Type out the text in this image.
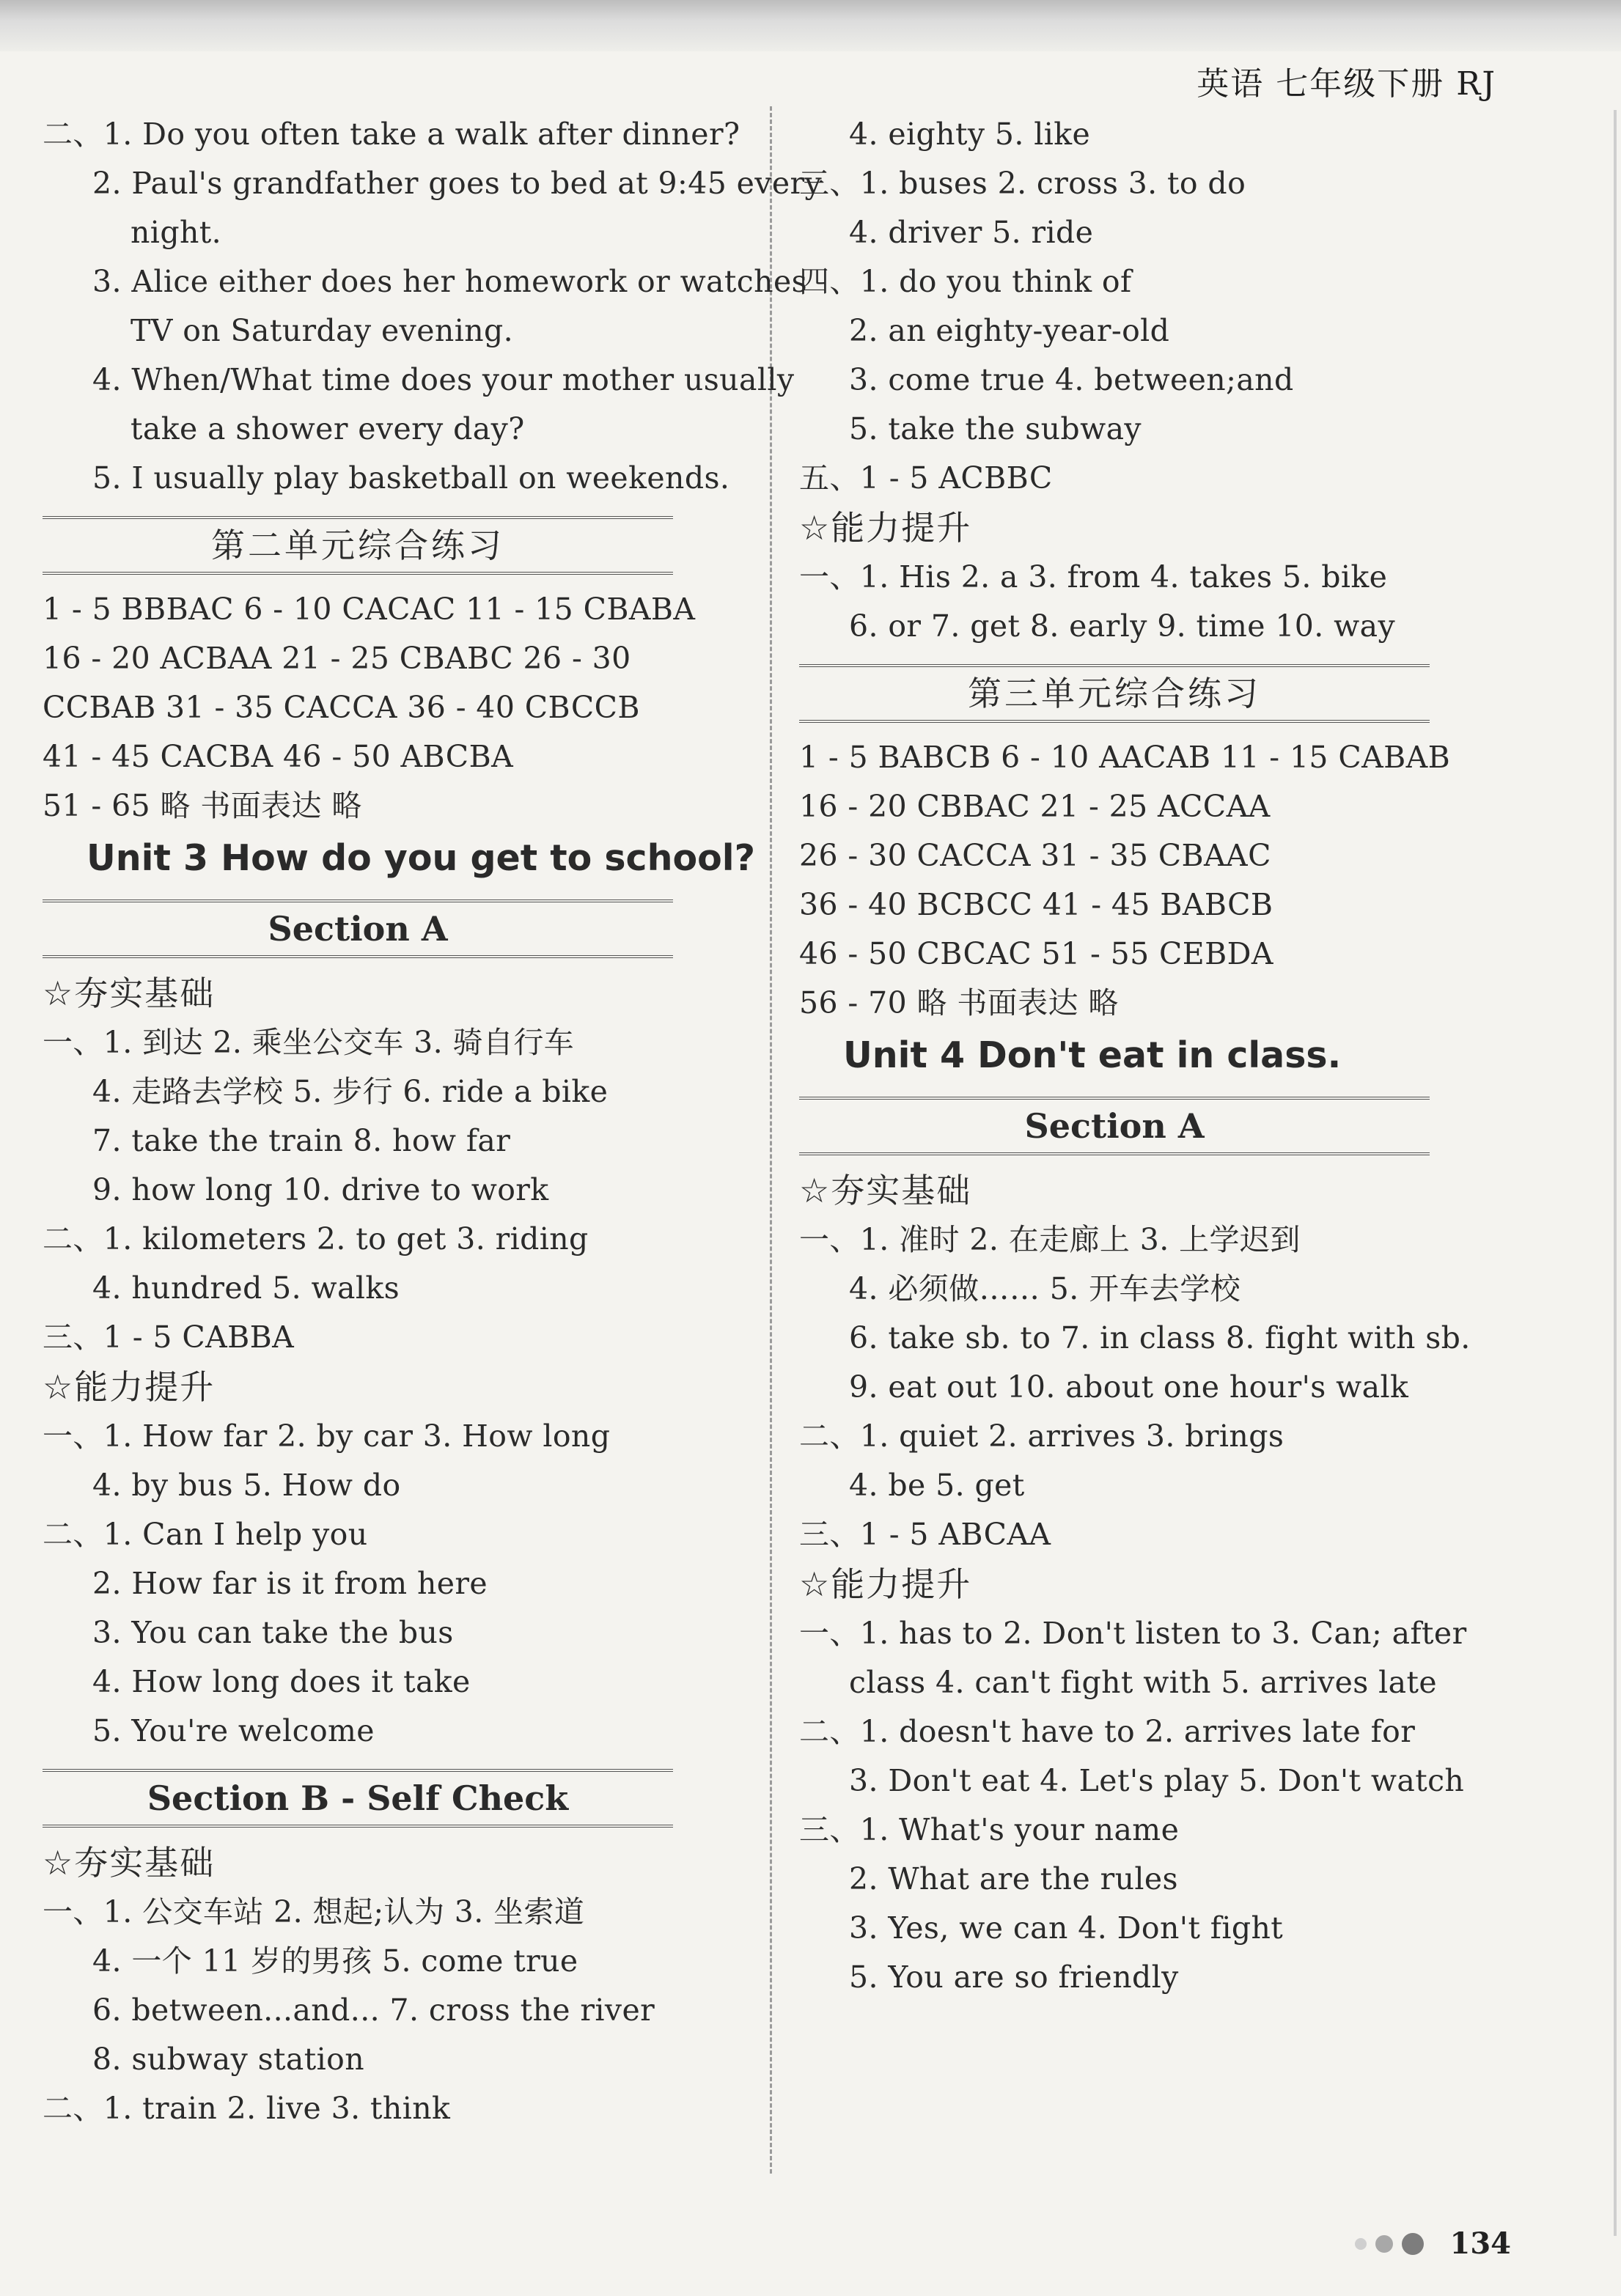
英语 七年级下册 RJ
二、1. Do you often take a walk after dinner?
2. Paul's grandfather goes to bed at 9:45 every
night.
3. Alice either does her homework or watches
TV on Saturday evening.
4. When/What time does your mother usually
take a shower every day?
5. I usually play basketball on weekends.
第二单元综合练习
1 - 5 BBBAC 6 - 10 CACAC 11 - 15 CBABA
16 - 20 ACBAA 21 - 25 CBABC 26 - 30
CCBAB 31 - 35 CACCA 36 - 40 CBCCB
41 - 45 CACBA 46 - 50 ABCBA
51 - 65 略 书面表达 略
Unit 3 How do you get to school?
Section A
☆夯实基础
一、1. 到达 2. 乘坐公交车 3. 骑自行车
4. 走路去学校 5. 步行 6. ride a bike
7. take the train 8. how far
9. how long 10. drive to work
二、1. kilometers 2. to get 3. riding
4. hundred 5. walks
三、1 - 5 CABBA
☆能力提升
一、1. How far 2. by car 3. How long
4. by bus 5. How do
二、1. Can I help you
2. How far is it from here
3. You can take the bus
4. How long does it take
5. You're welcome
Section B - Self Check
☆夯实基础
一、1. 公交车站 2. 想起;认为 3. 坐索道
4. 一个 11 岁的男孩 5. come true
6. between...and... 7. cross the river
8. subway station
二、1. train 2. live 3. think
4. eighty 5. like
三、1. buses 2. cross 3. to do
4. driver 5. ride
四、1. do you think of
2. an eighty-year-old
3. come true 4. between;and
5. take the subway
五、1 - 5 ACBBC
☆能力提升
一、1. His 2. a 3. from 4. takes 5. bike
6. or 7. get 8. early 9. time 10. way
第三单元综合练习
1 - 5 BABCB 6 - 10 AACAB 11 - 15 CABAB
16 - 20 CBBAC 21 - 25 ACCAA
26 - 30 CACCA 31 - 35 CBAAC
36 - 40 BCBCC 41 - 45 BABCB
46 - 50 CBCAC 51 - 55 CEBDA
56 - 70 略 书面表达 略
Unit 4 Don't eat in class.
Section A
☆夯实基础
一、1. 准时 2. 在走廊上 3. 上学迟到
4. 必须做…… 5. 开车去学校
6. take sb. to 7. in class 8. fight with sb.
9. eat out 10. about one hour's walk
二、1. quiet 2. arrives 3. brings
4. be 5. get
三、1 - 5 ABCAA
☆能力提升
一、1. has to 2. Don't listen to 3. Can; after
class 4. can't fight with 5. arrives late
二、1. doesn't have to 2. arrives late for
3. Don't eat 4. Let's play 5. Don't watch
三、1. What's your name
2. What are the rules
3. Yes, we can 4. Don't fight
5. You are so friendly
134
